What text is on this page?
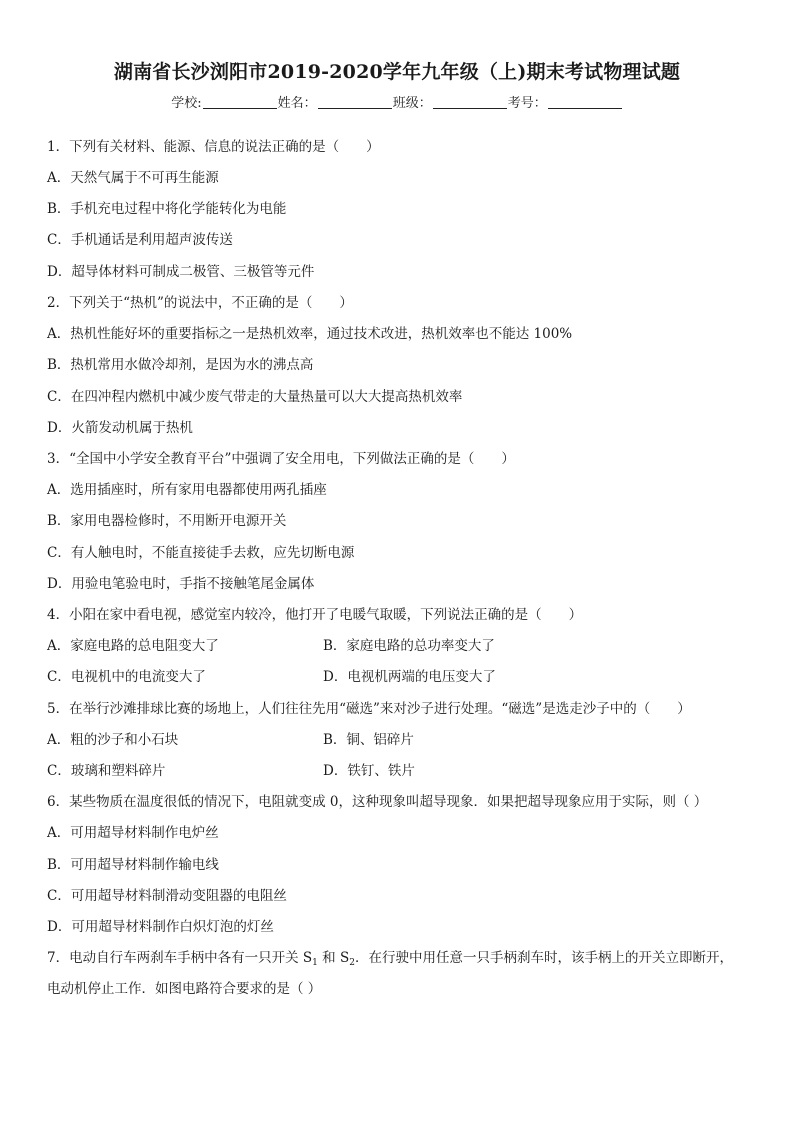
湖南省长沙浏阳市2019-2020学年九年级（上)期末考试物理试题
学校:	姓名：	班级：	考号：
1．下列有关材料、能源、信息的说法正确的是（　　）
A．天然气属于不可再生能源
B．手机充电过程中将化学能转化为电能
C．手机通话是利用超声波传送
D．超导体材料可制成二极管、三极管等元件
2．下列关于“热机”的说法中，不正确的是（　　）
A．热机性能好坏的重要指标之一是热机效率，通过技术改进，热机效率也不能达 100%
B．热机常用水做冷却剂，是因为水的沸点高
C．在四冲程内燃机中减少废气带走的大量热量可以大大提高热机效率
D．火箭发动机属于热机
3．“全国中小学安全教育平台”中强调了安全用电，下列做法正确的是（　　）
A．选用插座时，所有家用电器都使用两孔插座
B．家用电器检修时，不用断开电源开关
C．有人触电时，不能直接徒手去救，应先切断电源
D．用验电笔验电时，手指不接触笔尾金属体
4．小阳在家中看电视，感觉室内较冷，他打开了电暖气取暖，下列说法正确的是（　　）
A．家庭电路的总电阻变大了	B．家庭电路的总功率变大了
C．电视机中的电流变大了	D．电视机两端的电压变大了
5．在举行沙滩排球比赛的场地上，人们往往先用“磁选”来对沙子进行处理。“磁选”是选走沙子中的（　　）
A．粗的沙子和小石块	B．铜、铝碎片
C．玻璃和塑料碎片	D．铁钉、铁片
6．某些物质在温度很低的情况下，电阻就变成 0，这种现象叫超导现象．如果把超导现象应用于实际，则（ ）
A．可用超导材料制作电炉丝
B．可用超导材料制作输电线
C．可用超导材料制滑动变阻器的电阻丝
D．可用超导材料制作白炽灯泡的灯丝
7．电动自行车两刹车手柄中各有一只开关 $S_1$ 和 $S_2$．在行驶中用任意一只手柄刹车时，该手柄上的开关立即断开，
电动机停止工作．如图电路符合要求的是（ ）
